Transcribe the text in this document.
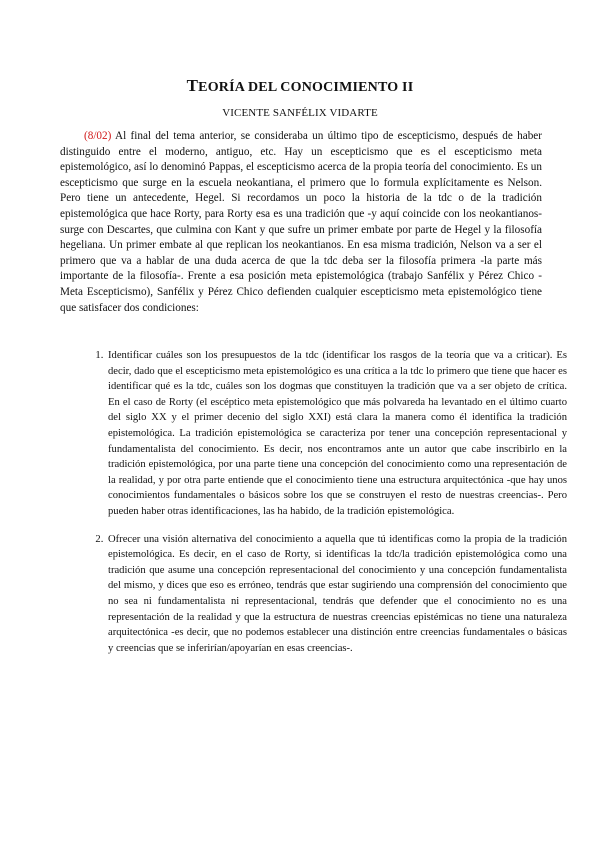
TEORÍA DEL CONOCIMIENTO II
VICENTE SANFÉLIX VIDARTE

(8/02) Al final del tema anterior, se consideraba un último tipo de escepticismo, después de haber distinguido entre el moderno, antiguo, etc. Hay un escepticismo que es el escepticismo meta epistemológico, así lo denominó Pappas, el escepticismo acerca de la propia teoría del conocimiento. Es un escepticismo que surge en la escuela neokantiana, el primero que lo formula explícitamente es Nelson. Pero tiene un antecedente, Hegel. Si recordamos un poco la historia de la tdc o de la tradición epistemológica que hace Rorty, para Rorty esa es una tradición que -y aquí coincide con los neokantianos- surge con Descartes, que culmina con Kant y que sufre un primer embate por parte de Hegel y la filosofía hegeliana. Un primer embate al que replican los neokantianos. En esa misma tradición, Nelson va a ser el primero que va a hablar de una duda acerca de que la tdc deba ser la filosofía primera -la parte más importante de la filosofía-. Frente a esa posición meta epistemológica (trabajo Sanfélix y Pérez Chico - Meta Escepticismo), Sanfélix y Pérez Chico defienden cualquier escepticismo meta epistemológico tiene que satisfacer dos condiciones:

1. Identificar cuáles son los presupuestos de la tdc (identificar los rasgos de la teoría que va a criticar). Es decir, dado que el escepticismo meta epistemológico es una crítica a la tdc lo primero que tiene que hacer es identificar qué es la tdc, cuáles son los dogmas que constituyen la tradición que va a ser objeto de crítica. En el caso de Rorty (el escéptico meta epistemológico que más polvareda ha levantado en el último cuarto del siglo XX y el primer decenio del siglo XXI) está clara la manera como él identifica la tradición epistemológica. La tradición epistemológica se caracteriza por tener una concepción representacional y fundamentalista del conocimiento. Es decir, nos encontramos ante un autor que cabe inscribirlo en la tradición epistemológica, por una parte tiene una concepción del conocimiento como una representación de la realidad, y por otra parte entiende que el conocimiento tiene una estructura arquitectónica -que hay unos conocimientos fundamentales o básicos sobre los que se construyen el resto de nuestras creencias-. Pero pueden haber otras identificaciones, las ha habido, de la tradición epistemológica.
2. Ofrecer una visión alternativa del conocimiento a aquella que tú identificas como la propia de la tradición epistemológica. Es decir, en el caso de Rorty, si identificas la tdc/la tradición epistemológica como una tradición que asume una concepción representacional del conocimiento y una concepción fundamentalista del mismo, y dices que eso es erróneo, tendrás que estar sugiriendo una comprensión del conocimiento que no sea ni fundamentalista ni representacional, tendrás que defender que el conocimiento no es una representación de la realidad y que la estructura de nuestras creencias epistémicas no tiene una naturaleza arquitectónica -es decir, que no podemos establecer una distinción entre creencias fundamentales o básicas y creencias que se inferirían/apoyarían en esas creencias-.
